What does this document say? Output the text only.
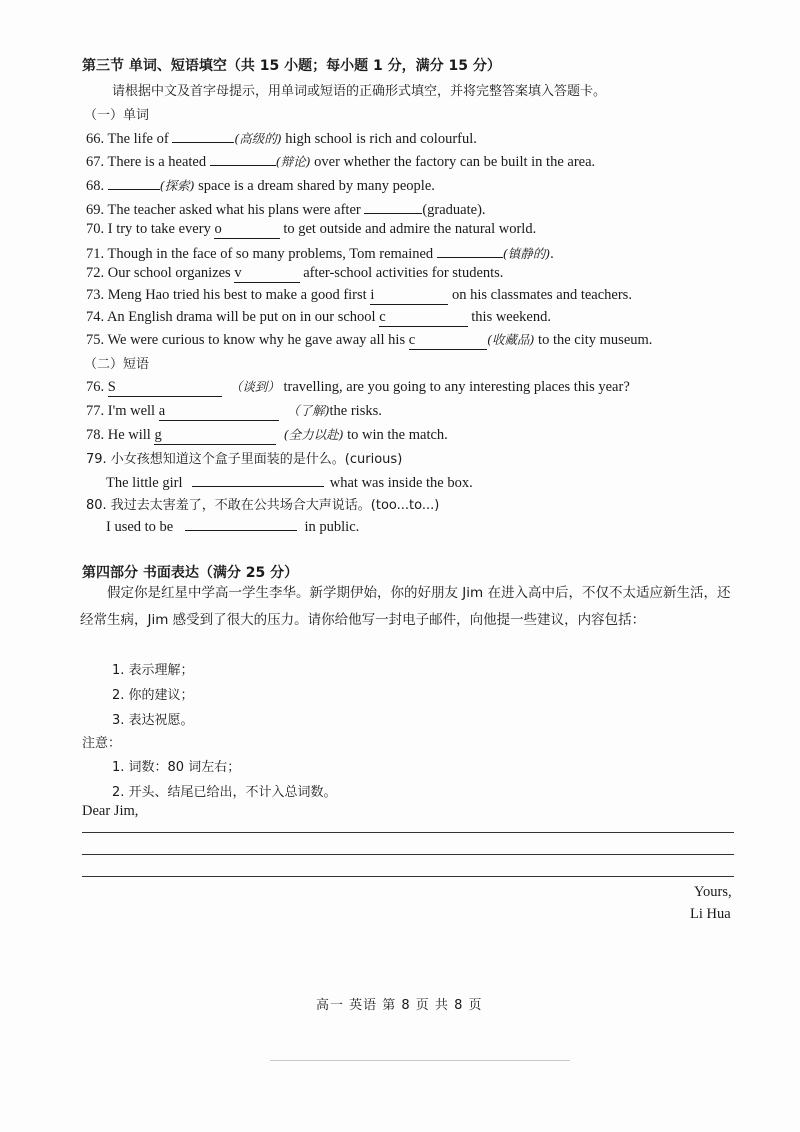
第三节 单词、短语填空（共 15 小题；每小题 1 分，满分 15 分）
请根据中文及首字母提示，用单词或短语的正确形式填空，并将完整答案填入答题卡。
（一）单词
66. The life of	(高级的) high school is rich and colourful.
67. There is a heated	(辩论) over whether the factory can be built in the area.
68.	(探索) space is a dream shared by many people.
69. The teacher asked what his plans were after	(graduate).
70. I try to take every o	to get outside and admire the natural world.
71. Though in the face of so many problems, Tom remained	(镇静的).
72. Our school organizes v	after-school activities for students.
73. Meng Hao tried his best to make a good first i	on his classmates and teachers.
74. An English drama will be put on in our school c	this weekend.
75. We were curious to know why he gave away all his c	(收藏品) to the city museum.
（二）短语
76. S	（谈到） travelling, are you going to any interesting places this year?
77. I'm well a	（了解)the risks.
78. He will g	(全力以赴) to win the match.
79. 小女孩想知道这个盒子里面装的是什么。(curious)
The little girl	what was inside the box.
80. 我过去太害羞了，不敢在公共场合大声说话。(too...to...)
I used to be	in public.
第四部分 书面表达（满分 25 分）
假定你是红星中学高一学生李华。新学期伊始，你的好朋友 Jim 在进入高中后，不仅不太适应新生活，还经常生病，Jim 感受到了很大的压力。请你给他写一封电子邮件，向他提一些建议，内容包括：
1. 表示理解；
2. 你的建议；
3. 表达祝愿。
注意：
1. 词数：80 词左右；
2. 开头、结尾已给出，不计入总词数。
Dear Jim,
Yours,
Li Hua
高一 英语 第 8 页 共 8 页
